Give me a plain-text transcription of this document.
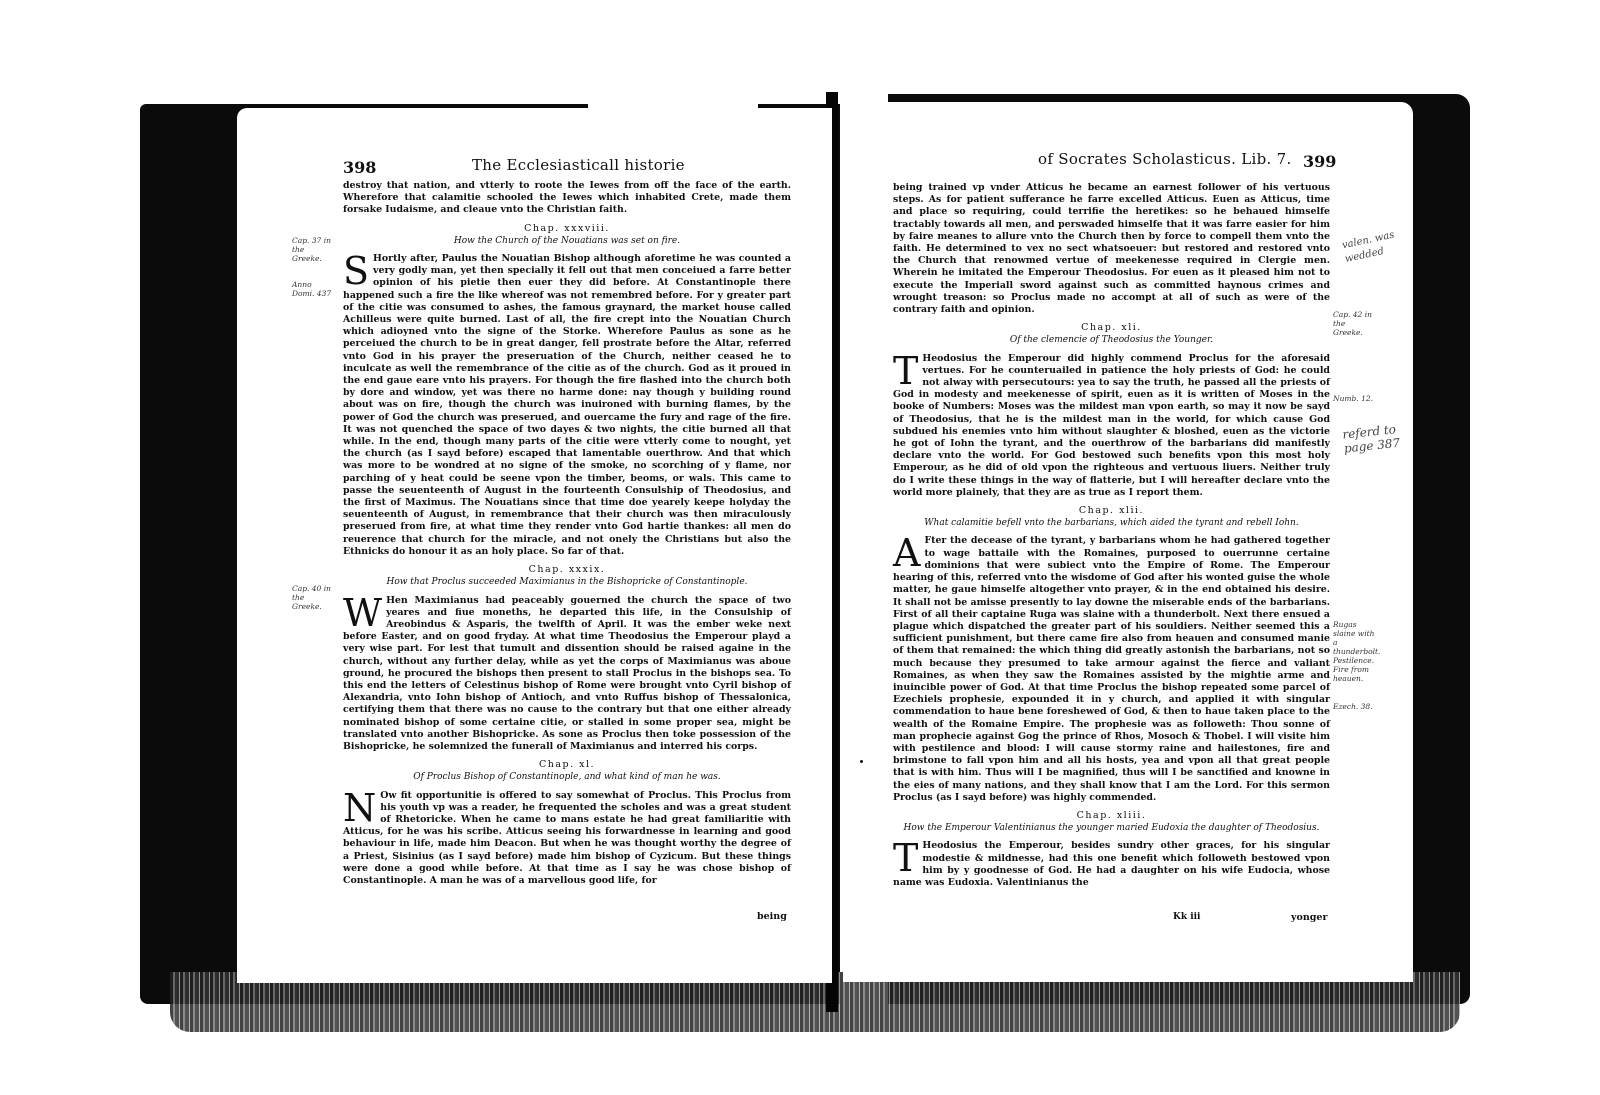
398	The Ecclesiasticall historie
Cap. 37 in the Greeke.
Anno Domi. 437
Cap. 40 in the Greeke.

destroy that nation, and vtterly to roote the Iewes from off the face of the earth. Wherefore that calamitie schooled the Iewes which inhabited Crete, made them forsake Iudaisme, and cleaue vnto the Christian faith.

Chap. xxxviii.
How the Church of the Nouatians was set on fire.

S Hortly after, Paulus the Nouatian Bishop although aforetime he was counted a very godly man, yet then specially it fell out that men conceiued a farre better opinion of his pietie then euer they did before. At Constantinople there happened such a fire the like whereof was not remembred before. For y greater part of the citie was consumed to ashes, the famous graynard, the market house called Achilleus were quite burned. Last of all, the fire crept into the Nouatian Church which adioyned vnto the signe of the Storke. Wherefore Paulus as sone as he perceiued the church to be in great danger, fell prostrate before the Altar, referred vnto God in his prayer the preseruation of the Church, neither ceased he to inculcate as well the remembrance of the citie as of the church. God as it proued in the end gaue eare vnto his prayers. For though the fire flashed into the church both by dore and window, yet was there no harme done: nay though y building round about was on fire, though the church was inuironed with burning flames, by the power of God the church was preserued, and ouercame the fury and rage of the fire. It was not quenched the space of two dayes & two nights, the citie burned all that while. In the end, though many parts of the citie were vtterly come to nought, yet the church (as I sayd before) escaped that lamentable ouerthrow. And that which was more to be wondred at no signe of the smoke, no scorching of y flame, nor parching of y heat could be seene vpon the timber, beoms, or wals. This came to passe the seuenteenth of August in the fourteenth Consulship of Theodosius, and the first of Maximus. The Nouatians since that time doe yearely keepe holyday the seuenteenth of August, in remembrance that their church was then miraculously preserued from fire, at what time they render vnto God hartie thankes: all men do reuerence that church for the miracle, and not onely the Christians but also the Ethnicks do honour it as an holy place. So far of that.

Chap. xxxix.
How that Proclus succeeded Maximianus in the Bishopricke of Constantinople.

W Hen Maximianus had peaceably gouerned the church the space of two yeares and fiue moneths, he departed this life, in the Consulship of Areobindus & Asparis, the twelfth of April. It was the ember weke next before Easter, and on good fryday. At what time Theodosius the Emperour playd a very wise part. For lest that tumult and dissention should be raised againe in the church, without any further delay, while as yet the corps of Maximianus was aboue ground, he procured the bishops then present to stall Proclus in the bishops sea. To this end the letters of Celestinus bishop of Rome were brought vnto Cyril bishop of Alexandria, vnto Iohn bishop of Antioch, and vnto Ruffus bishop of Thessalonica, certifying them that there was no cause to the contrary but that one either already nominated bishop of some certaine citie, or stalled in some proper sea, might be translated vnto another Bishopricke. As sone as Proclus then toke possession of the Bishopricke, he solemnized the funerall of Maximianus and interred his corps.

Chap. xl.
Of Proclus Bishop of Constantinople, and what kind of man he was.

N Ow fit opportunitie is offered to say somewhat of Proclus. This Proclus from his youth vp was a reader, he frequented the scholes and was a great student of Rhetoricke. When he came to mans estate he had great familiaritie with Atticus, for he was his scribe. Atticus seeing his forwardnesse in learning and good behaviour in life, made him Deacon. But when he was thought worthy the degree of a Priest, Sisinius (as I sayd before) made him bishop of Cyzicum. But these things were done a good while before. At that time as I say he was chose bishop of Constantinople. A man he was of a marvellous good life, for

being
of Socrates Scholasticus. Lib. 7. 399

being trained vp vnder Atticus he became an earnest follower of his vertuous steps. As for patient sufferance he farre excelled Atticus. Euen as Atticus, time and place so requiring, could terrifie the heretikes: so he behaued himselfe tractably towards all men, and perswaded himselfe that it was farre easier for him by faire meanes to allure vnto the Church then by force to compell them vnto the faith. He determined to vex no sect whatsoeuer: but restored and restored vnto the Church that renowmed vertue of meekenesse required in Clergie men. Wherein he imitated the Emperour Theodosius. For euen as it pleased him not to execute the Imperiall sword against such as committed haynous crimes and wrought treason: so Proclus made no accompt at all of such as were of the contrary faith and opinion.

Chap. xli.
Of the clemencie of Theodosius the Younger.

T Heodosius the Emperour did highly commend Proclus for the aforesaid vertues. For he counteruailed in patience the holy priests of God: he could not alway with persecutours: yea to say the truth, he passed all the priests of God in modesty and meekenesse of spirit, euen as it is written of Moses in the booke of Numbers: Moses was the mildest man vpon earth, so may it now be sayd of Theodosius, that he is the mildest man in the world, for which cause God subdued his enemies vnto him without slaughter & bloshed, euen as the victorie he got of Iohn the tyrant, and the ouerthrow of the barbarians did manifestly declare vnto the world. For God bestowed such benefits vpon this most holy Emperour, as he did of old vpon the righteous and vertuous liuers. Neither truly do I write these things in the way of flatterie, but I will hereafter declare vnto the world more plainely, that they are as true as I report them.

Chap. xlii.
What calamitie befell vnto the barbarians, which aided the tyrant and rebell Iohn.

A Fter the decease of the tyrant, y barbarians whom he had gathered together to wage battaile with the Romaines, purposed to ouerrunne certaine dominions that were subiect vnto the Empire of Rome. The Emperour hearing of this, referred vnto the wisdome of God after his wonted guise the whole matter, he gaue himselfe altogether vnto prayer, & in the end obtained his desire. It shall not be amisse presently to lay downe the miserable ends of the barbarians. First of all their captaine Ruga was slaine with a thunderbolt. Next there ensued a plague which dispatched the greater part of his souldiers. Neither seemed this a sufficient punishment, but there came fire also from heauen and consumed manie of them that remained: the which thing did greatly astonish the barbarians, not so much because they presumed to take armour against the fierce and valiant Romaines, as when they saw the Romaines assisted by the mightie arme and inuincible power of God. At that time Proclus the bishop repeated some parcel of Ezechiels prophesie, expounded it in y church, and applied it with singular commendation to haue bene foreshewed of God, & then to haue taken place to the wealth of the Romaine Empire. The prophesie was as followeth: Thou sonne of man prophecie against Gog the prince of Rhos, Mosoch & Thobel. I will visite him with pestilence and blood: I will cause stormy raine and hailestones, fire and brimstone to fall vpon him and all his hosts, yea and vpon all that great people that is with him. Thus will I be magnified, thus will I be sanctified and knowne in the eies of many nations, and they shall know that I am the Lord. For this sermon Proclus (as I sayd before) was highly commended.

Chap. xliii.
How the Emperour Valentinianus the younger maried Eudoxia the daughter of Theodosius.

T Heodosius the Emperour, besides sundry other graces, for his singular modestie & mildnesse, had this one benefit which followeth bestowed vpon him by y goodnesse of God. He had a daughter on his wife Eudocia, whose name was Eudoxia. Valentinianus the

Cap. 42 in the Greeke.
Numb. 12.
Rugas slaine with a thunderbolt. Pestilence. Fire from heauen.
Ezech. 38.
valen. was wedded
referd to page 387
Kk iii	yonger
